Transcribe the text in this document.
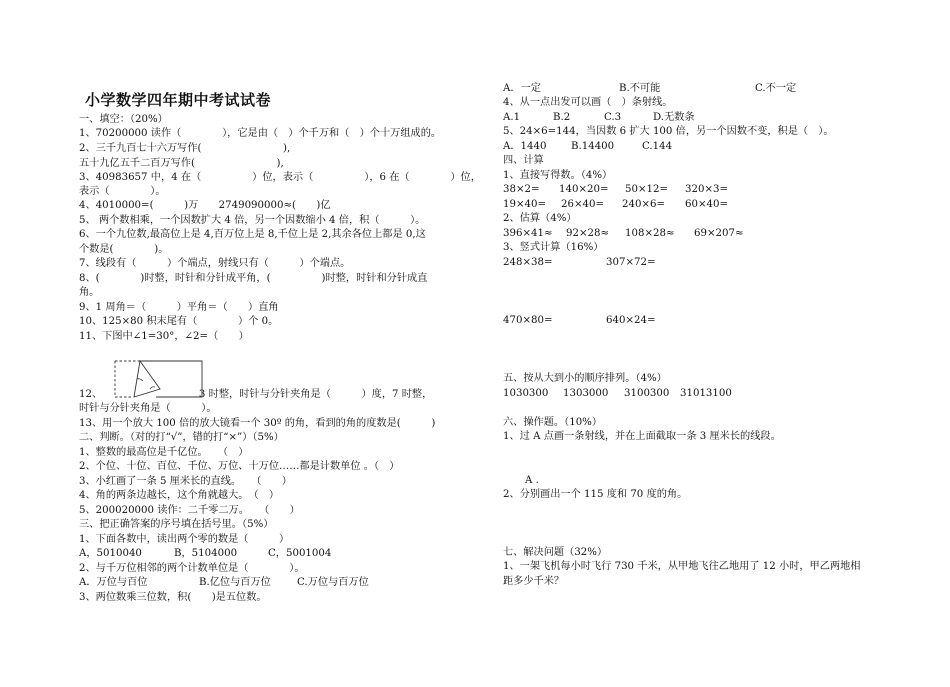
小学数学四年期中考试试卷
一、填空：（20%）
1、70200000 读作（　　　　），它是由（　）个千万和（　）个十万组成的。
2、三千九百七十六万写作(　　　　　　　　),
五十九亿五千二百万写作(　　　　　　　　),
3、40983657 中，4 在（　　　　　）位，表示（　　　　　），6 在（　　　　）位，
表示（　　　　）。
4、4010000=(　　　)万　　2749090000≈(　　)亿
5、 两个数相乘，一个因数扩大 4 倍，另一个因数缩小 4 倍，积（　　　）。
6、一个九位数,最高位上是 4,百万位上是 8,千位上是 2,其余各位上都是 0,这
个数是(　　　　)。
7、线段有（　　　）个端点，射线只有（　　　）个端点。
8、(　　　　)时整，时针和分针成平角，(　　　　　)时整，时针和分针成直
角。
9、1 周角＝（　　　）平角＝（　　）直角
10、125×80 积末尾有（　　　　）个 0。
11、下图中∠1=30°，∠2=（　　）
12、　　　　　　　　　　3 时整，时针与分针夹角是（　　　）度，7 时整，
时针与分针夹角是（　　　）。
13、用一个放大 100 倍的放大镜看一个 30º 的角，看到的角的度数是(　　　)
二、判断。（对的打“√”，错的打“×”）（5%）
1、整数的最高位是千亿位。　　（　）
2、个位、十位、百位、千位、万位、十万位……都是计数单位 。（　）
3、小红画了一条 5 厘米长的直线。　　（　　）
4、角的两条边越长，这个角就越大。　（　）
5、200020000 读作：二千零二万。　　（　　）
三、把正确答案的序号填在括号里。（5%）
1、下面各数中，读出两个零的数是（　　　）
3、两位数乘三位数，积(　　)是五位数。
A，5010040	B，5104000	C，5001004
2、与千万位相邻的两个计数单位是（　　　　）。
A．万位与百位	B.亿位与百万位	C.万位与百万位
4、从一点出发可以画（　）条射线。
5、24×6=144，当因数 6 扩大 100 倍，另一个因数不变，积是（　）。
四、计算
1、直接写得数。（4%）
2、估算（4%）
3、竖式计算（16%）
五、按从大到小的顺序排列。（4%）
六、操作题。（10%）
1、过 A 点画一条射线，并在上面截取一条 3 厘米长的线段。
2、分别画出一个 115 度和 70 度的角。
七、解决问题（32%）
1、一架飞机每小时飞行 730 千米，从甲地飞往乙地用了 12 小时，甲乙两地相
距多少千米？
A．一定	B.不可能	C.不一定
A.1	B.2	C.3	D.无数条
A．1440 B.14400	C.144
38×2= 140×20= 50×12= 320×3=
19×40= 26×40= 240×6= 60×40=
396×41≈ 92×28≈ 108×28≈ 69×207≈
248×38=	307×72=
470×80=	640×24=
1030300 1303000 3100300 31013100
A .
